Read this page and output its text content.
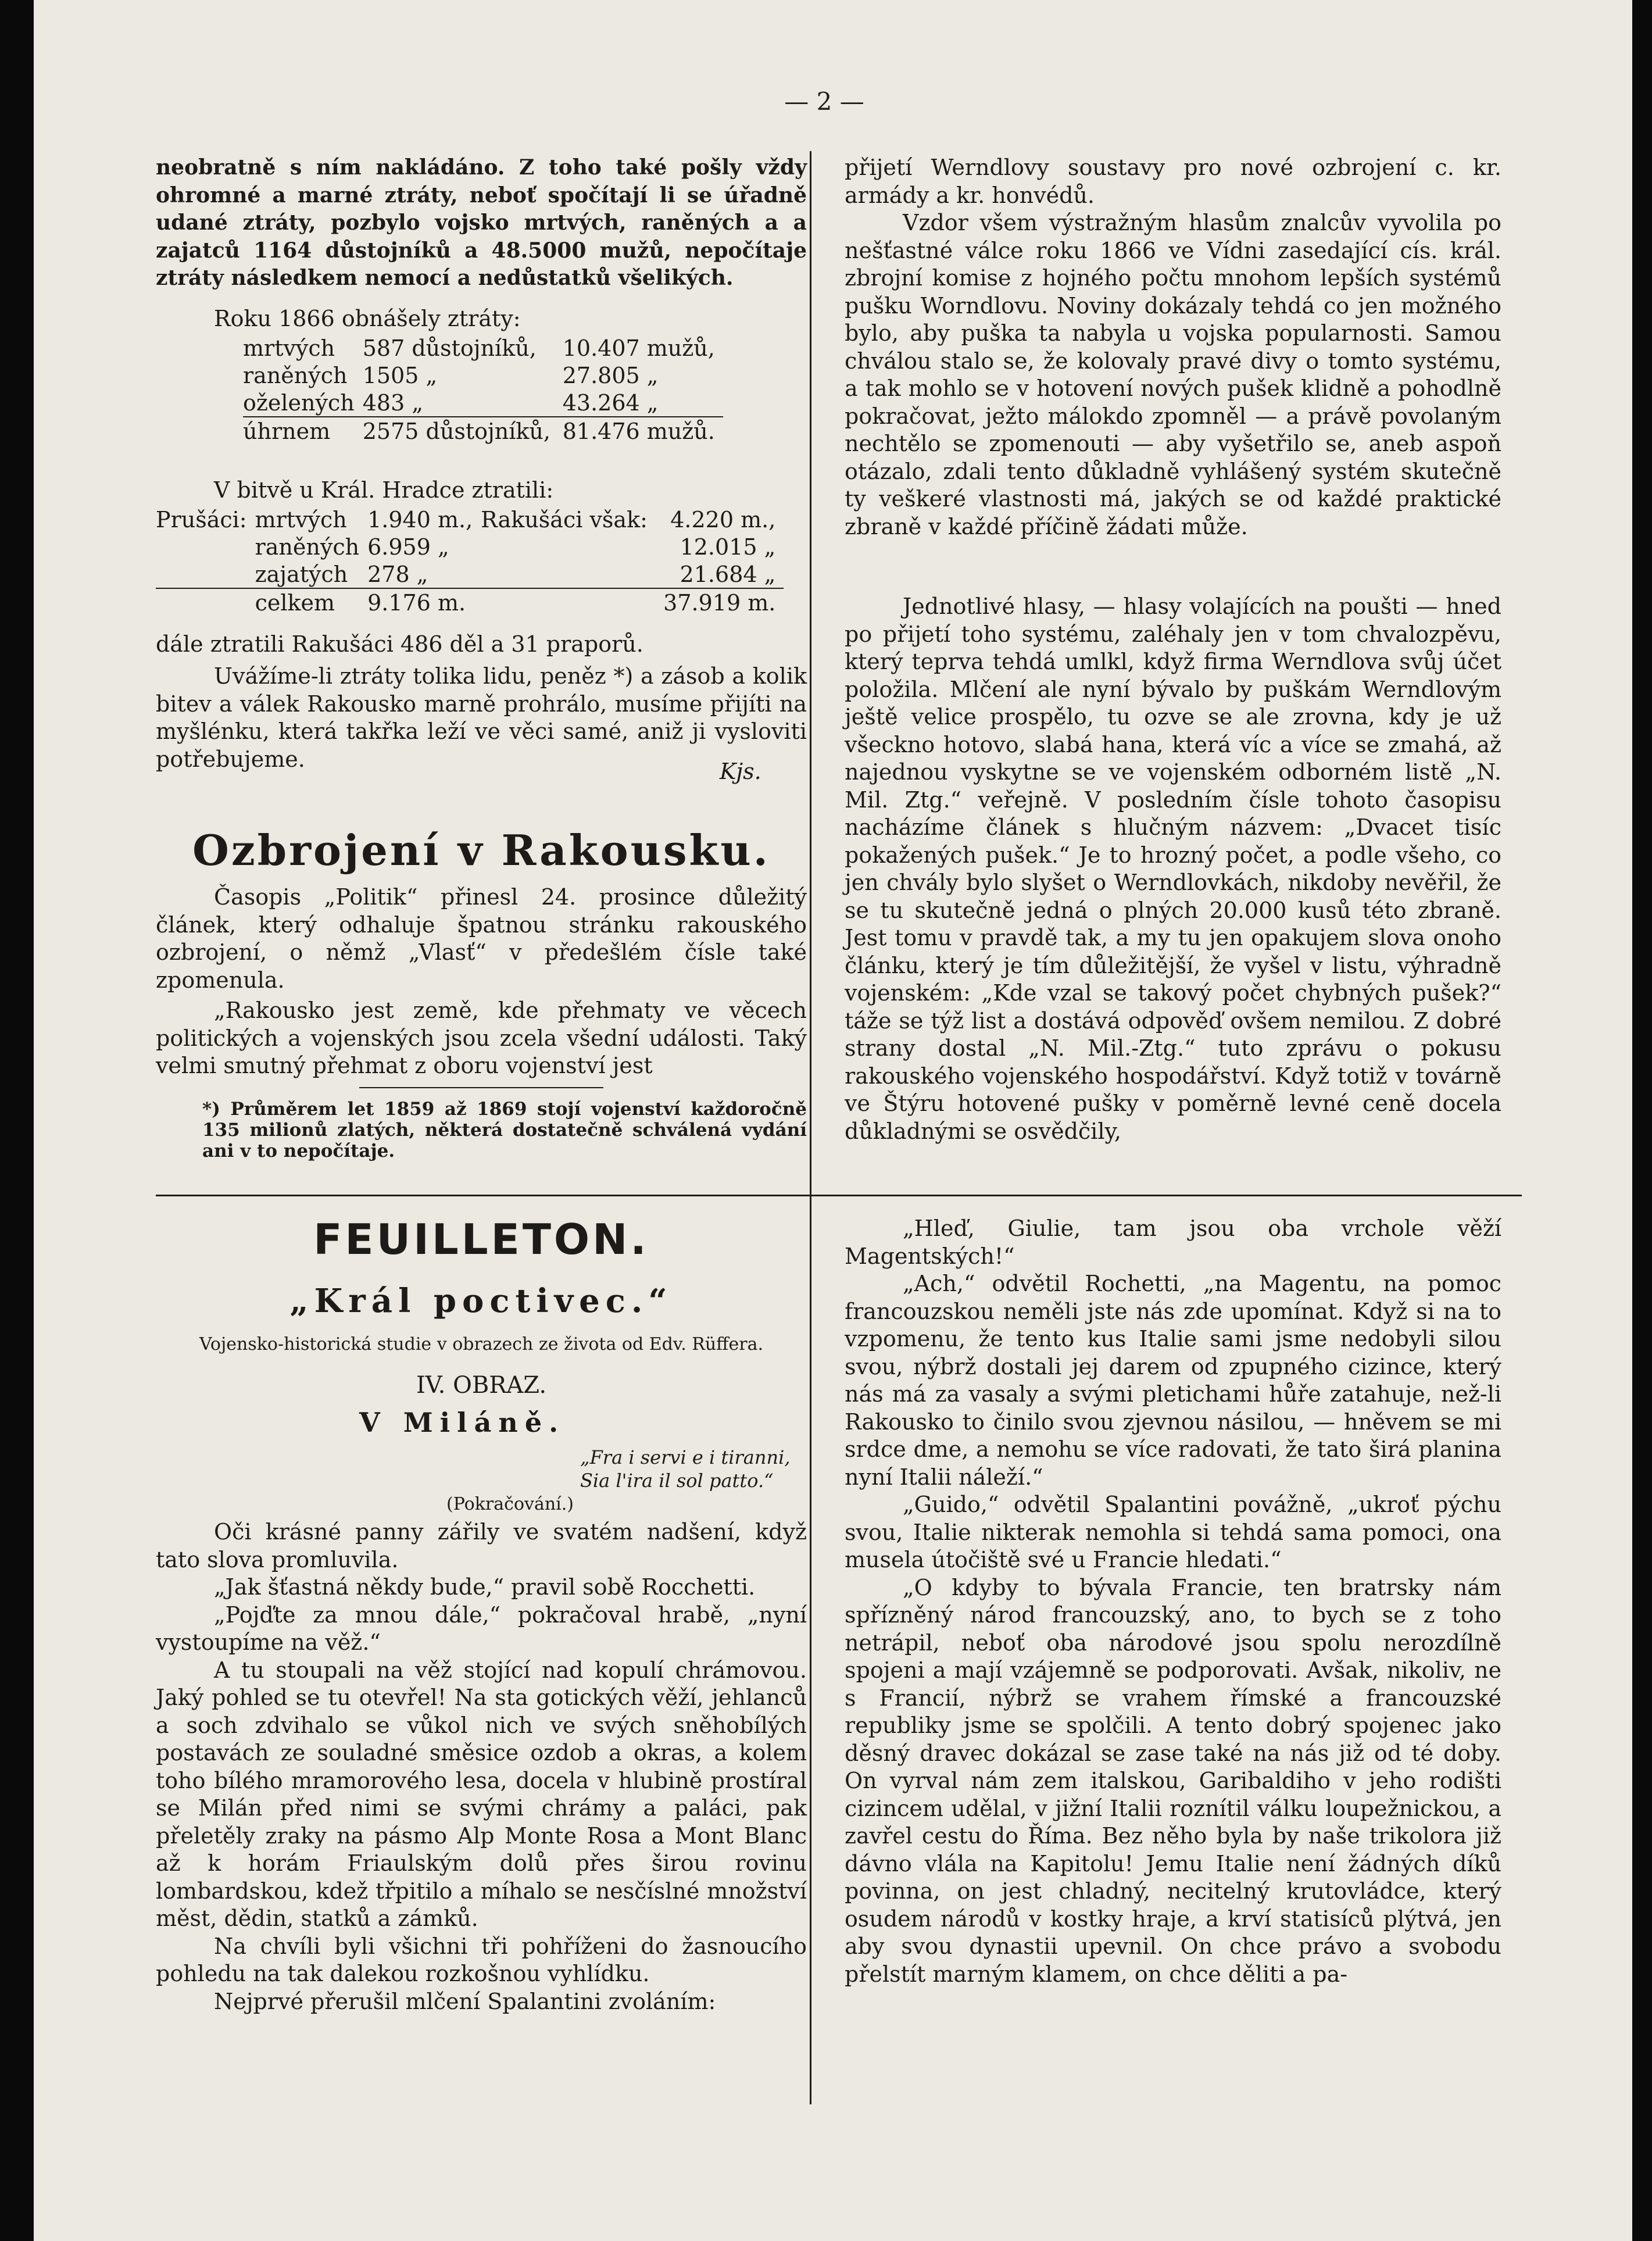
— 2 —
neobratně s ním nakládáno. Z toho také pošly vždy ohromné a marné ztráty, neboť spočítají li se úřadně udané ztráty, pozbylo vojsko mrtvých, raněných a a zajatců 1164 důstojníků a 48.5000 mužů, nepočítaje ztráty následkem nemocí a nedůstatků všelikých.
Roku 1866 obnášely ztráty:
mrtvých	587 důstojníků,	10.407 mužů,
raněných	1505 „	27.805 „
oželených	483 „	43.264 „
úhrnem	2575 důstojníků,	81.476 mužů.
V bitvě u Král. Hradce ztratili:
Prušáci:	mrtvých	1.940 m.,	Rakušáci však:	4.220 m.,
	raněných	6.959 „		12.015 „
	zajatých	278 „		21.684 „
	celkem	9.176 m.		37.919 m.
dále ztratili Rakušáci 486 děl a 31 praporů.
Uvážíme-li ztráty tolika lidu, peněz *) a zásob a kolik bitev a válek Rakousko marně prohrálo, musíme přijíti na myšlénku, která takřka leží ve věci samé, aniž ji vysloviti potřebujeme.	Kjs.
Ozbrojení v Rakousku.
Časopis „Politik“ přinesl 24. prosince důležitý článek, který odhaluje špatnou stránku rakouského ozbrojení, o němž „Vlasť“ v předešlém čísle také zpomenula.
„Rakousko jest země, kde přehmaty ve věcech politických a vojenských jsou zcela všední události. Taký velmi smutný přehmat z oboru vojenství jest
*) Průměrem let 1859 až 1869 stojí vojenství každoročně 135 milionů zlatých, některá dostatečně schválená vydání ani v to nepočítaje.
přijetí Werndlovy soustavy pro nové ozbrojení c. kr. armády a kr. honvédů.
Vzdor všem výstražným hlasům znalcův vyvolila po nešťastné válce roku 1866 ve Vídni zasedající cís. král. zbrojní komise z hojného počtu mnohom lepších systémů pušku Worndlovu. Noviny dokázaly tehdá co jen možného bylo, aby puška ta nabyla u vojska popularnosti. Samou chválou stalo se, že kolovaly pravé divy o tomto systému, a tak mohlo se v hotovení nových pušek klidně a pohodlně pokračovat, ježto málokdo zpomněl — a právě povolaným nechtělo se zpomenouti — aby vyšetřilo se, aneb aspoň otázalo, zdali tento důkladně vyhlášený systém skutečně ty veškeré vlastnosti má, jakých se od každé praktické zbraně v každé příčině žádati může.
Jednotlivé hlasy, — hlasy volajících na poušti — hned po přijetí toho systému, zaléhaly jen v tom chvalozpěvu, který teprva tehdá umlkl, když firma Werndlova svůj účet položila. Mlčení ale nyní bývalo by puškám Werndlovým ještě velice prospělo, tu ozve se ale zrovna, kdy je už všeckno hotovo, slabá hana, která víc a více se zmahá, až najednou vyskytne se ve vojenském odborném listě „N. Mil. Ztg.“ veřejně. V posledním čísle tohoto časopisu nacházíme článek s hlučným názvem: „Dvacet tisíc pokažených pušek.“ Je to hrozný počet, a podle všeho, co jen chvály bylo slyšet o Werndlovkách, nikdoby nevěřil, že se tu skutečně jedná o plných 20.000 kusů této zbraně. Jest tomu v pravdě tak, a my tu jen opakujem slova onoho článku, který je tím důležitější, že vyšel v listu, výhradně vojenském: „Kde vzal se takový počet chybných pušek?“ táže se týž list a dostává odpověď ovšem nemilou. Z dobré strany dostal „N. Mil.-Ztg.“ tuto zprávu o pokusu rakouského vojenského hospodářství. Když totiž v továrně ve Štýru hotovené pušky v poměrně levné ceně docela důkladnými se osvědčily,
FEUILLETON.
„Král poctivec.“
Vojensko-historická studie v obrazech ze života od Edv. Rüffera.
IV. OBRAZ.
V Miláně.
„Fra i servi e i tiranni,
Sia l'ira il sol patto.“
(Pokračování.)

Oči krásné panny zářily ve svatém nadšení, když tato slova promluvila.

„Jak šťastná někdy bude,“ pravil sobě Rocchetti.

„Pojďte za mnou dále,“ pokračoval hrabě, „nyní vystoupíme na věž.“

A tu stoupali na věž stojící nad kopulí chrámovou. Jaký pohled se tu otevřel! Na sta gotických věží, jehlanců a soch zdvihalo se vůkol nich ve svých sněhobílých postavách ze souladné směsice ozdob a okras, a kolem toho bílého mramorového lesa, docela v hlubině prostíral se Milán před nimi se svými chrámy a paláci, pak přeletěly zraky na pásmo Alp Monte Rosa a Mont Blanc až k horám Friaulským dolů přes širou rovinu lombardskou, kdež třpitilo a míhalo se nesčíslné množství měst, dědin, statků a zámků.

Na chvíli byli všichni tři pohříženi do žasnoucího pohledu na tak dalekou rozkošnou vyhlídku.

Nejprvé přerušil mlčení Spalantini zvoláním:

„Hleď, Giulie, tam jsou oba vrchole věží Magentských!“

„Ach,“ odvětil Rochetti, „na Magentu, na pomoc francouzskou neměli jste nás zde upomínat. Když si na to vzpomenu, že tento kus Italie sami jsme nedobyli silou svou, nýbrž dostali jej darem od zpupného cizince, který nás má za vasaly a svými pletichami hůře zatahuje, než-li Rakousko to činilo svou zjevnou násilou, — hněvem se mi srdce dme, a nemohu se více radovati, že tato širá planina nyní Italii náleží.“

„Guido,“ odvětil Spalantini povážně, „ukroť pýchu svou, Italie nikterak nemohla si tehdá sama pomoci, ona musela útočiště své u Francie hledati.“

„O kdyby to bývala Francie, ten bratrsky nám spřízněný národ francouzský, ano, to bych se z toho netrápil, neboť oba národové jsou spolu nerozdílně spojeni a mají vzájemně se podporovati. Avšak, nikoliv, ne s Francií, nýbrž se vrahem římské a francouzské republiky jsme se spolčili. A tento dobrý spojenec jako děsný dravec dokázal se zase také na nás již od té doby. On vyrval nám zem italskou, Garibaldiho v jeho rodišti cizincem udělal, v jižní Italii roznítil válku loupežnickou, a zavřel cestu do Říma. Bez něho byla by naše trikolora již dávno vlála na Kapitolu! Jemu Italie není žádných díků povinna, on jest chladný, necitelný krutovládce, který osudem národů v kostky hraje, a krví statisíců plýtvá, jen aby svou dynastii upevnil. On chce právo a svobodu přelstít marným klamem, on chce děliti a pa-
